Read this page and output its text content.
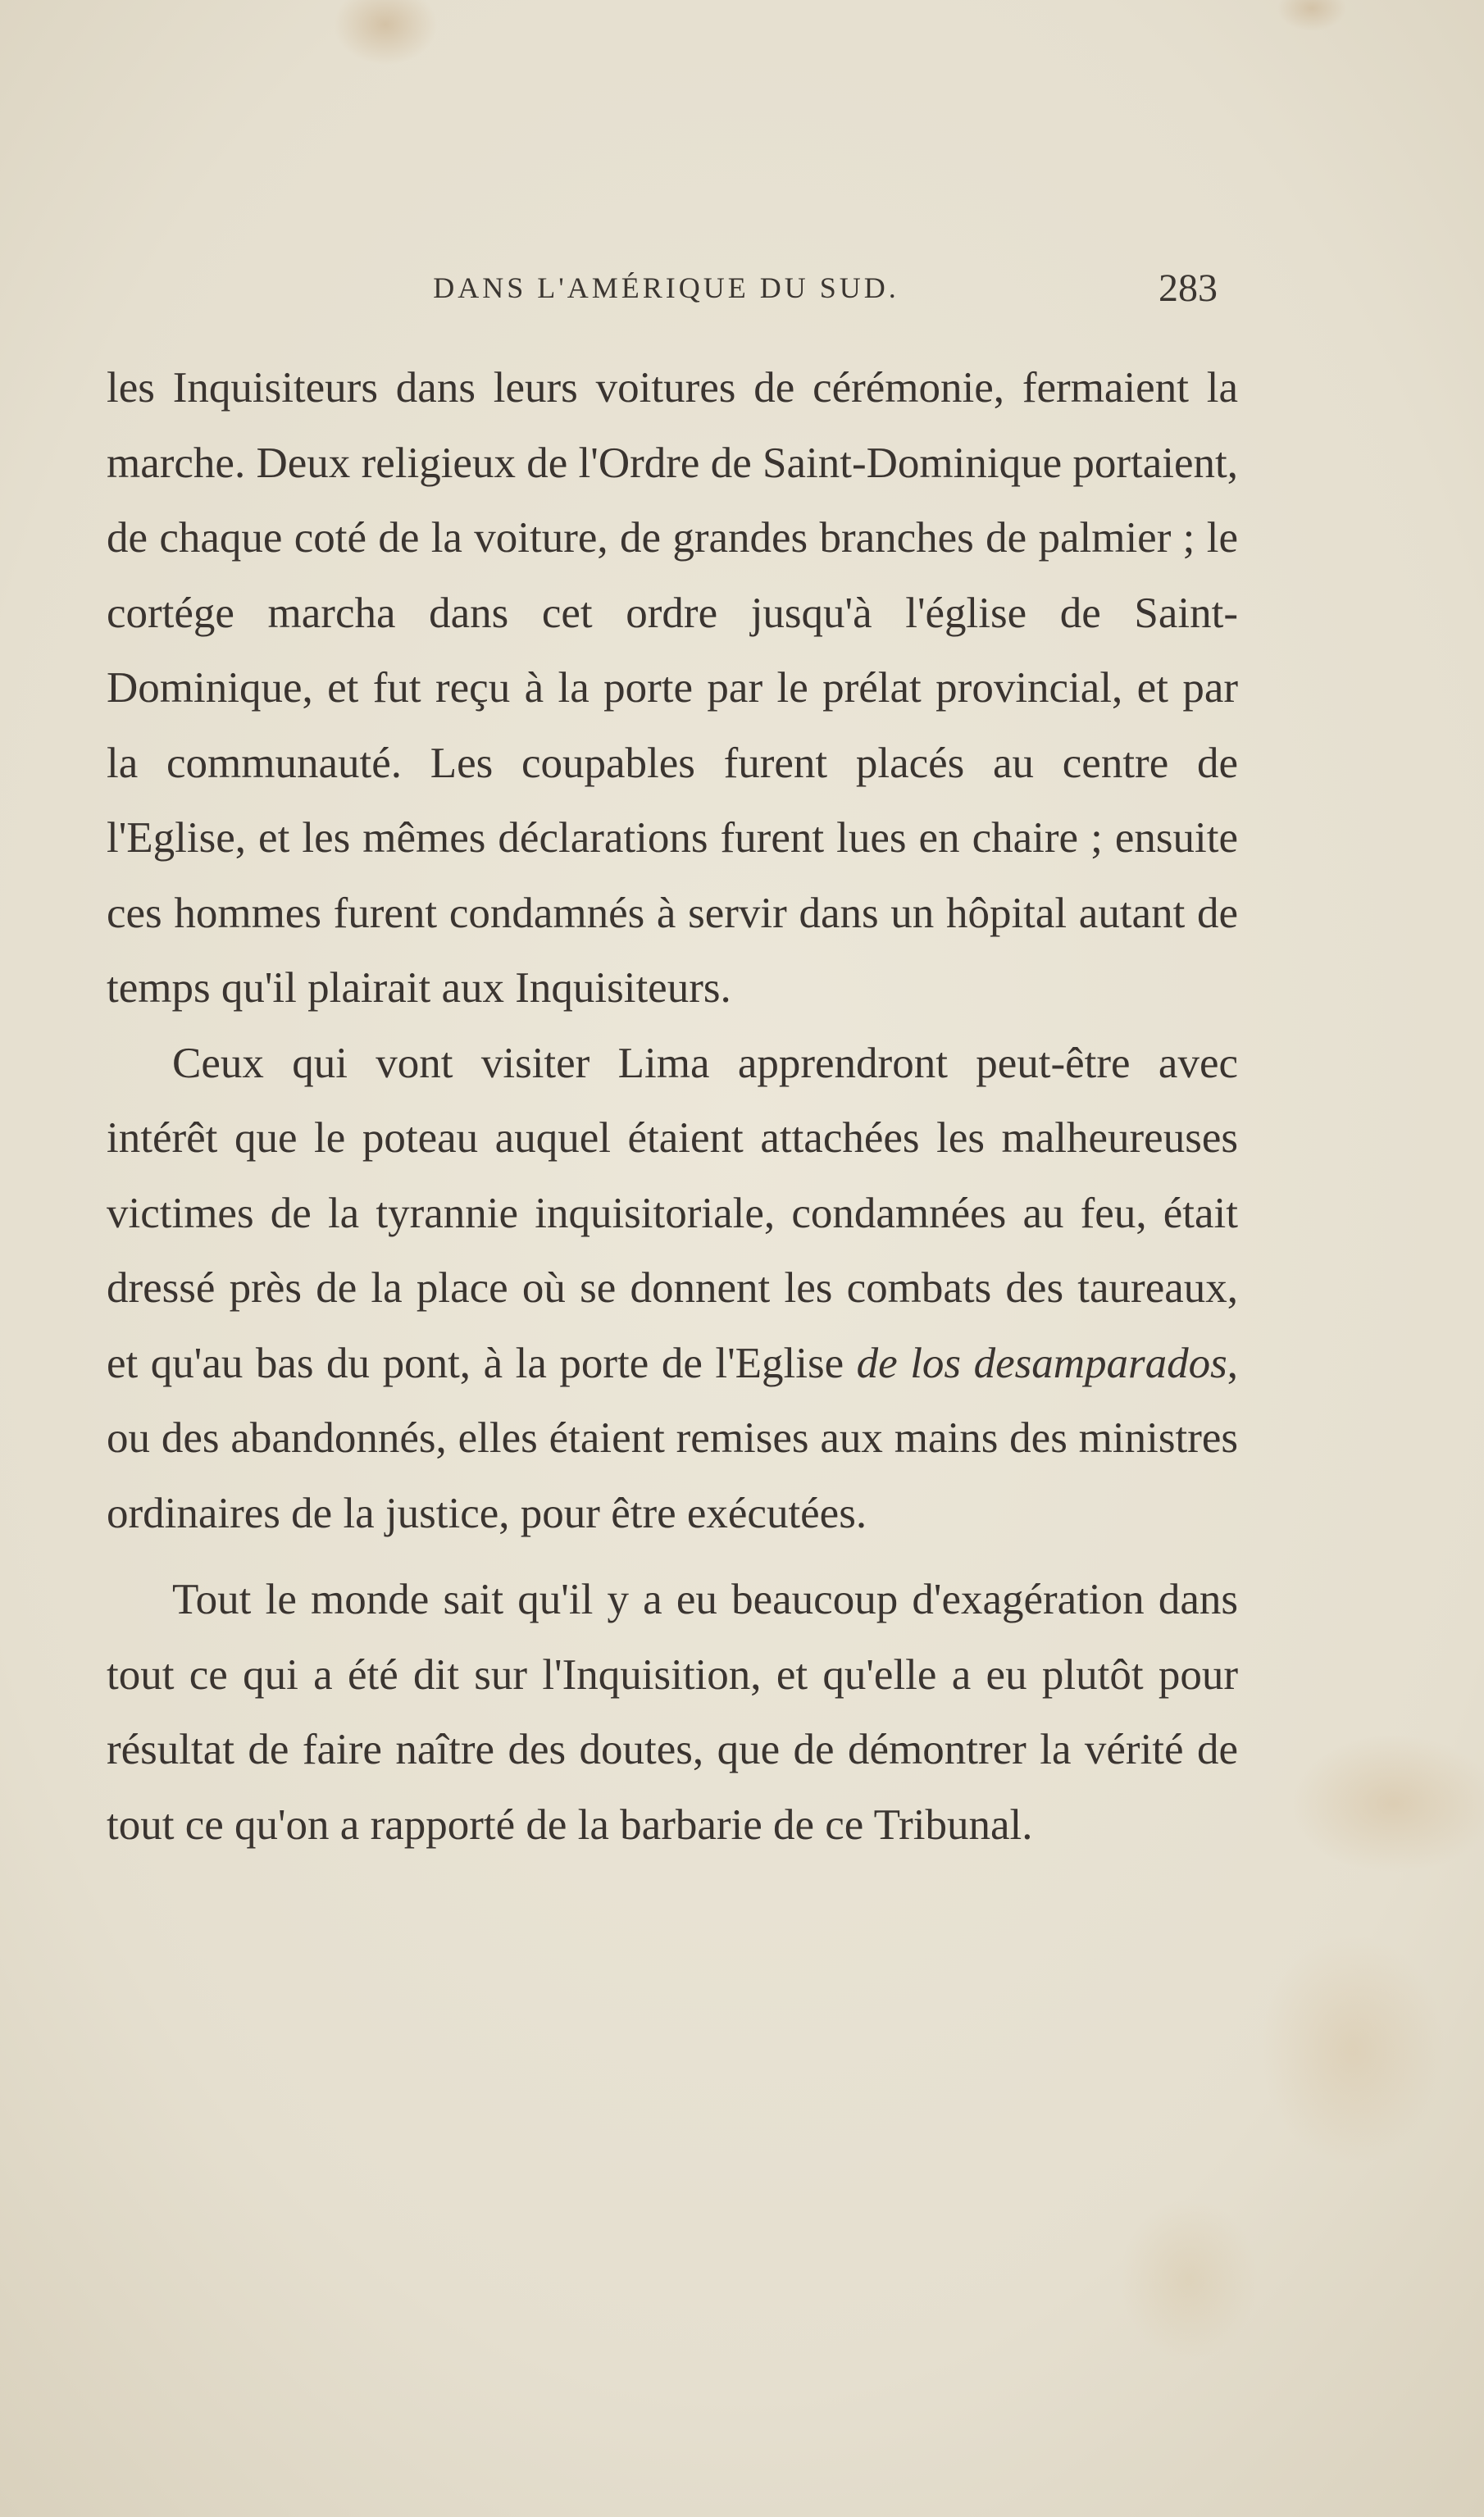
DANS L'AMÉRIQUE DU SUD.	283

les Inquisiteurs dans leurs voitures de cérémonie, fermaient la marche. Deux religieux de l'Ordre de Saint-Dominique portaient, de chaque coté de la voiture, de grandes branches de palmier ; le cortége marcha dans cet ordre jusqu'à l'église de Saint-Dominique, et fut reçu à la porte par le prélat provincial, et par la communauté. Les coupables furent placés au centre de l'Eglise, et les mêmes déclarations furent lues en chaire ; ensuite ces hommes furent condamnés à servir dans un hôpital autant de temps qu'il plairait aux Inquisiteurs.

Ceux qui vont visiter Lima apprendront peut-être avec intérêt que le poteau auquel étaient attachées les malheureuses victimes de la tyrannie inquisitoriale, condamnées au feu, était dressé près de la place où se donnent les combats des taureaux, et qu'au bas du pont, à la porte de l'Eglise de los desamparados, ou des abandonnés, elles étaient remises aux mains des ministres ordinaires de la justice, pour être exécutées.

Tout le monde sait qu'il y a eu beaucoup d'exagération dans tout ce qui a été dit sur l'Inquisition, et qu'elle a eu plutôt pour résultat de faire naître des doutes, que de démontrer la vérité de tout ce qu'on a rapporté de la barbarie de ce Tribunal.
